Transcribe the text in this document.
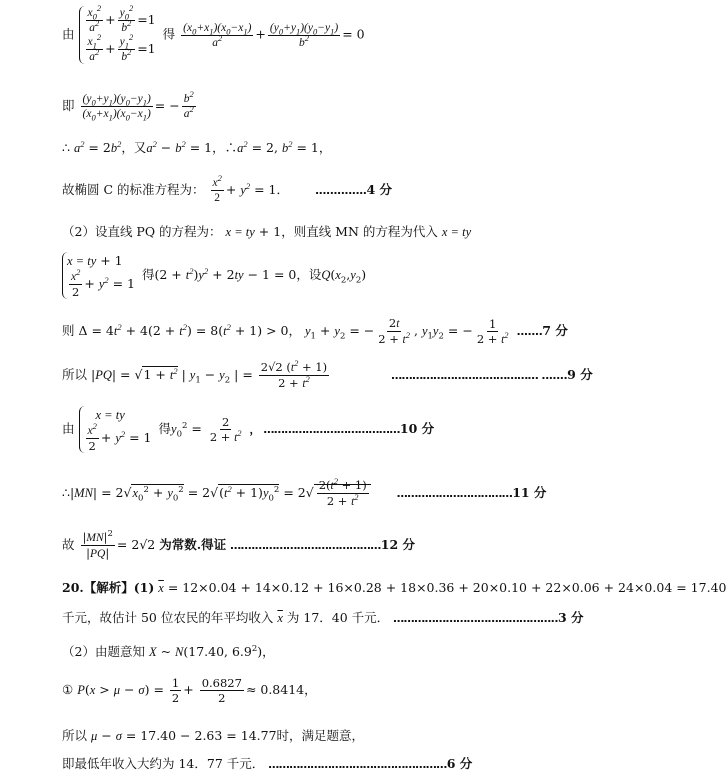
由 $\frac{x_0^2}{a^2} + \frac{y_0^2}{b^2} =1$
$\frac{x_1^2}{a^2} + \frac{y_1^2}{b^2} =1$
得 $\frac{(x_0+x_1)(x_0-x_1)}{a^2} + \frac{(y_0+y_1)(y_0-y_1)}{b^2} = 0$
即 $\frac{(y_0+y_1)(y_0-y_1)}{(x_0+x_1)(x_0-x_1)}$ = − $\frac{b^2}{a^2}$
∴ $a^2 = 2b^2$，又$a^2 - b^2 = 1$，$\therefore a^2 = 2$, $b^2 = 1$，
故椭圆 C 的标准方程为： $\frac{x^2}{2} + y^2 = 1$． ..............4 分
（2）设直线 PQ 的方程为： x = ty + 1，则直线 MN 的方程为代入 x = ty
x = ty + 1
$\frac{x^2}{2} + y^2 = 1$
得$(2 + t^2)y^2 + 2ty - 1 = 0$，设$Q(x_2,y_2)$
则 $\Delta = 4t^2 + 4(2 + t^2) = 8(t^2 + 1) > 0$， $y_1 + y_2$ = − $\frac{2t}{2 + t^2}$ , $y_1y_2$ = − $\frac{1}{2 + t^2} .......7$ 分
所以 $|PQ| = √1 + t^2$ | $y_1 - y_2$ | = $\frac{2√2 (t^2 + 1)}{2 + t^2}$	…………………………………… .......9 分
由
x = ty
$\frac{x^2}{2} + y^2 = 1$
得$y_0^2 = \frac{2}{2 + t^2}$ ， …………………………………10 分
∴|MN| = $2√x_0^2 + y_0^2 = 2√(t^2 + 1)y_0^2 = 2√ \frac{2(t^2 + 1)}{2 + t^2}$	……………………………11 分
故 $\frac{|MN|^2}{|PQ|} = 2√2$ 为常数.得证 …….………………………………12 分
20.【解析】(1) $\overline{x} = 12\times 0.04 + 14\times 0.12 + 16\times 0.28 + 18\times 0.36 + 20\times 0.10 + 22\times 0.06 + 24\times 0.04 = 17.40$
千元，故估计 50 位农民的年平均收入 $\overline{x}$ 为 17．40 千元． ………………………………………..3 分
（2）由题意知 X ~ N(17.40, $6.9^2$)，
① $P(x > \mu - \sigma) = \frac{1}{2} + \frac{0.6827}{2} \approx 0.8414$，
所以 μ − σ = 17.40 − 2.63 = 14.77时，满足题意，
即最低年收入大约为 14．77 千元． ……………………………………………6 分
